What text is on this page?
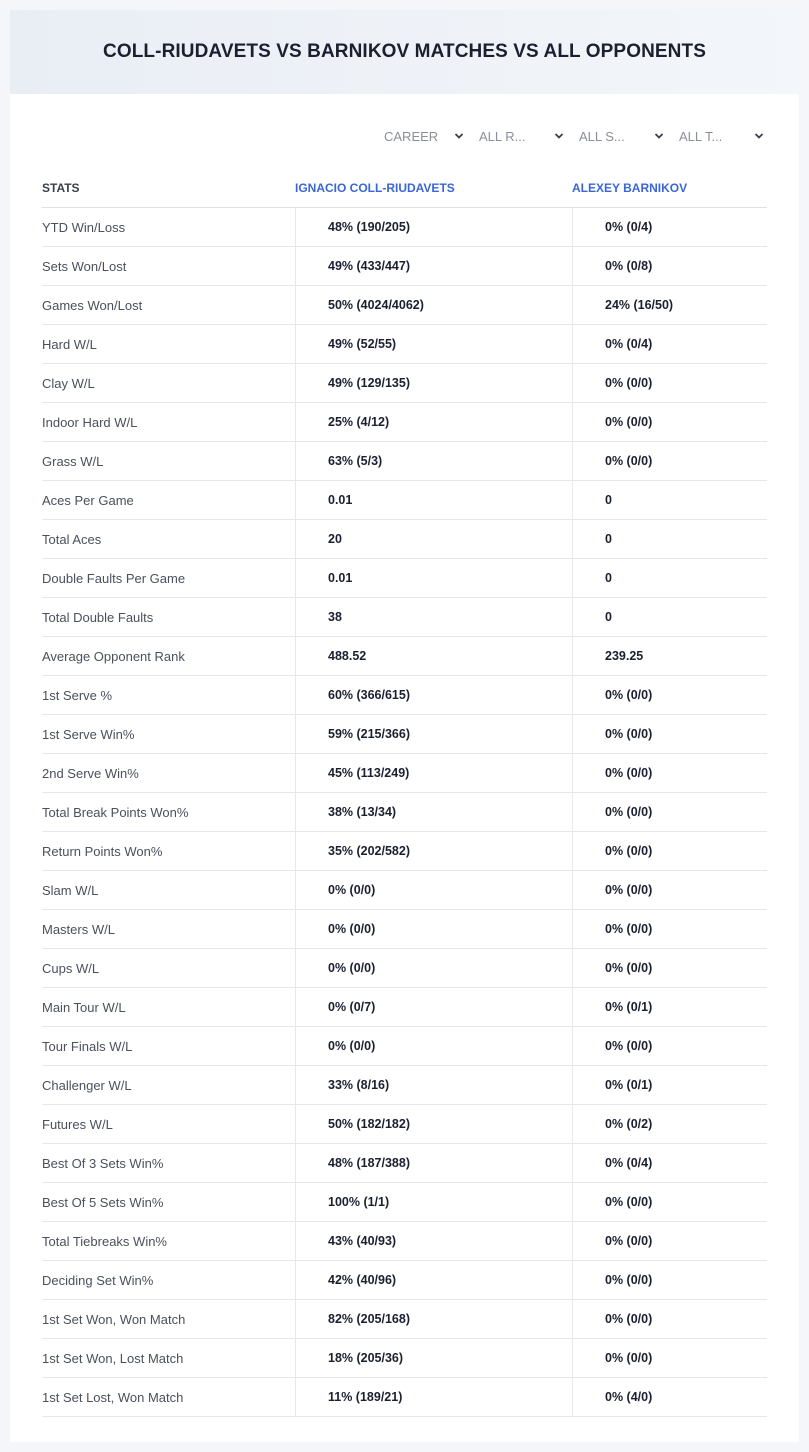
COLL-RIUDAVETS VS BARNIKOV MATCHES VS ALL OPPONENTS
CAREER	ALL R...	ALL S...	ALL T...
STATS	IGNACIO COLL-RIUDAVETS	ALEXEY BARNIKOV
YTD Win/Loss	48% (190/205)	0% (0/4)
Sets Won/Lost	49% (433/447)	0% (0/8)
Games Won/Lost	50% (4024/4062)	24% (16/50)
Hard W/L	49% (52/55)	0% (0/4)
Clay W/L	49% (129/135)	0% (0/0)
Indoor Hard W/L	25% (4/12)	0% (0/0)
Grass W/L	63% (5/3)	0% (0/0)
Aces Per Game	0.01	0
Total Aces	20	0
Double Faults Per Game	0.01	0
Total Double Faults	38	0
Average Opponent Rank	488.52	239.25
1st Serve %	60% (366/615)	0% (0/0)
1st Serve Win%	59% (215/366)	0% (0/0)
2nd Serve Win%	45% (113/249)	0% (0/0)
Total Break Points Won%	38% (13/34)	0% (0/0)
Return Points Won%	35% (202/582)	0% (0/0)
Slam W/L	0% (0/0)	0% (0/0)
Masters W/L	0% (0/0)	0% (0/0)
Cups W/L	0% (0/0)	0% (0/0)
Main Tour W/L	0% (0/7)	0% (0/1)
Tour Finals W/L	0% (0/0)	0% (0/0)
Challenger W/L	33% (8/16)	0% (0/1)
Futures W/L	50% (182/182)	0% (0/2)
Best Of 3 Sets Win%	48% (187/388)	0% (0/4)
Best Of 5 Sets Win%	100% (1/1)	0% (0/0)
Total Tiebreaks Win%	43% (40/93)	0% (0/0)
Deciding Set Win%	42% (40/96)	0% (0/0)
1st Set Won, Won Match	82% (205/168)	0% (0/0)
1st Set Won, Lost Match	18% (205/36)	0% (0/0)
1st Set Lost, Won Match	11% (189/21)	0% (4/0)
